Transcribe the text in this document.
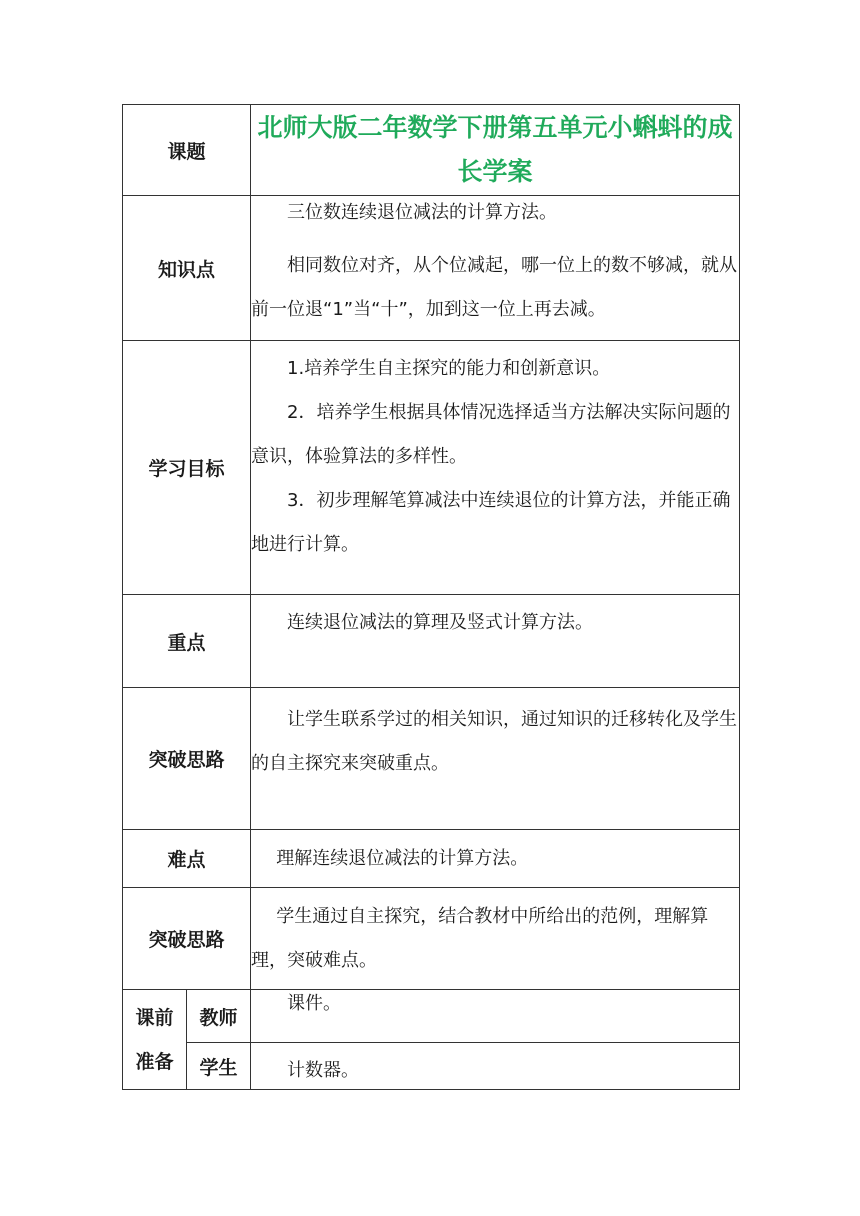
课题		北师大版二年数学下册第五单元小蝌蚪的成长学案
知识点		三位数连续退位减法的计算方法。

相同数位对齐，从个位减起，哪一位上的数不够减，就从前一位退“1”当“十”，加到这一位上再去减。

学习目标		1.培养学生自主探究的能力和创新意识。

2．培养学生根据具体情况选择适当方法解决实际问题的意识，体验算法的多样性。

3．初步理解笔算减法中连续退位的计算方法，并能正确地进行计算。

重点		连续退位减法的算理及竖式计算方法。

突破思路		让学生联系学过的相关知识，通过知识的迁移转化及学生的自主探究来突破重点。

难点		理解连续退位减法的计算方法。

突破思路		学生通过自主探究，结合教材中所给出的范例，理解算理，突破难点。

课前
准备	教师	课件。

	学生	计数器。
